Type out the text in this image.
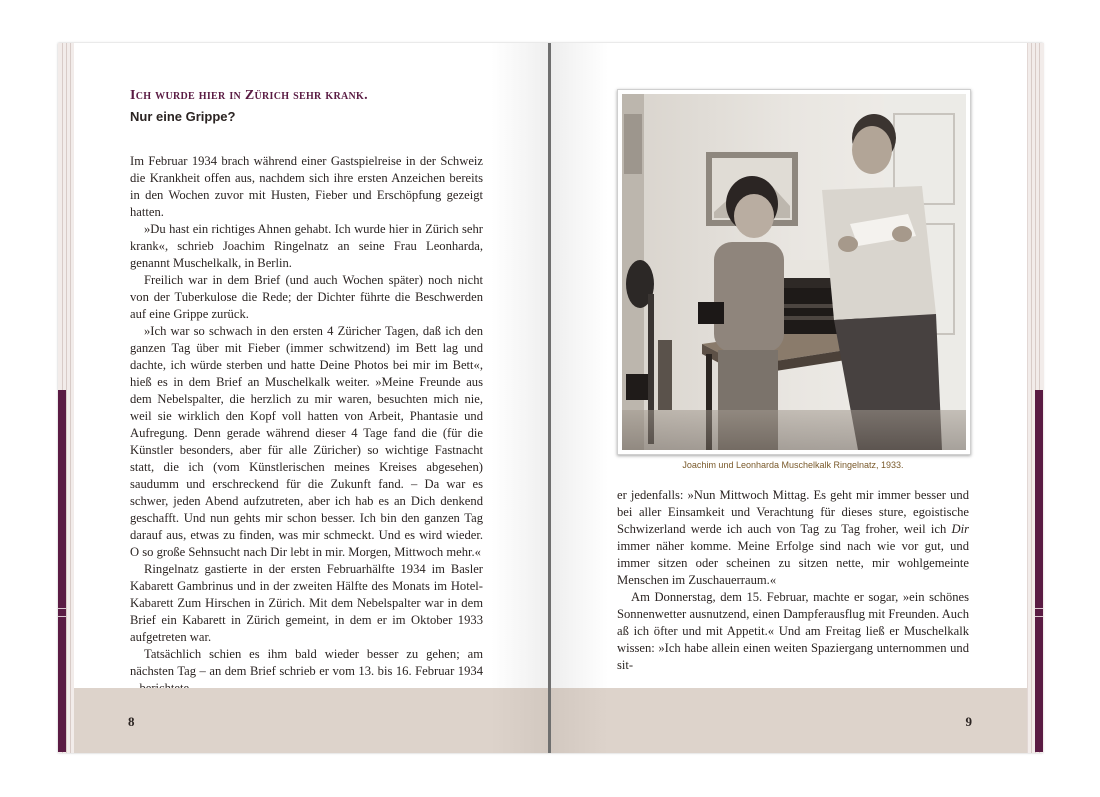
Ich wurde hier in Zürich sehr krank.
Nur eine Grippe?

Im Februar 1934 brach während einer Gastspielreise in der Schweiz die Krankheit offen aus, nachdem sich ihre ersten Anzeichen bereits in den Wochen zuvor mit Husten, Fieber und Erschöpfung gezeigt hatten.

»Du hast ein richtiges Ahnen gehabt. Ich wurde hier in Zürich sehr krank«, schrieb Joachim Ringelnatz an seine Frau Leonharda, genannt Muschelkalk, in Berlin.

Freilich war in dem Brief (und auch Wochen später) noch nicht von der Tuberkulose die Rede; der Dichter führte die Beschwerden auf eine Grippe zurück.

»Ich war so schwach in den ersten 4 Züricher Tagen, daß ich den ganzen Tag über mit Fieber (immer schwitzend) im Bett lag und dachte, ich würde sterben und hatte Deine Photos bei mir im Bett«, hieß es in dem Brief an Muschelkalk weiter. »Meine Freunde aus dem Nebelspalter, die herzlich zu mir waren, besuchten mich nie, weil sie wirklich den Kopf voll hatten von Arbeit, Phantasie und Aufregung. Denn gerade während dieser 4 Tage fand die (für die Künstler besonders, aber für alle Züricher) so wichtige Fastnacht statt, die ich (vom Künstlerischen meines Kreises abgesehen) saudumm und erschreckend für die Zukunft fand. – Da war es schwer, jeden Abend aufzutreten, aber ich hab es an Dich denkend geschafft. Und nun gehts mir schon besser. Ich bin den ganzen Tag darauf aus, etwas zu finden, was mir schmeckt. Und es wird wieder. O so große Sehnsucht nach Dir lebt in mir. Morgen, Mittwoch mehr.«

Ringelnatz gastierte in der ersten Februarhälfte 1934 im Basler Kabarett Gambrinus und in der zweiten Hälfte des Monats im Hotel-Kabarett Zum Hirschen in Zürich. Mit dem Nebelspalter war in dem Brief ein Kabarett in Zürich gemeint, in dem er im Oktober 1933 aufgetreten war.

Tatsächlich schien es ihm bald wieder besser zu gehen; am nächsten Tag – an dem Brief schrieb er vom 13. bis 16. Februar 1934

8
Joachim und Leonharda Muschelkalk Ringelnatz, 1933.

er jedenfalls: »Nun Mittwoch Mittag. Es geht mir immer besser und bei aller Einsamkeit und Verachtung für dieses sture, egoistische Schwizerland werde ich auch von Tag zu Tag froher, weil ich Dir immer näher komme. Meine Erfolge sind nach wie vor gut, und immer sitzen oder scheinen zu sitzen nette, mir wohlgemeinte Menschen im Zuschauerraum.«

Am Donnerstag, dem 15. Februar, machte er sogar, »ein schönes Sonnenwetter ausnutzend, einen Dampferausflug mit Freunden. Auch aß ich öfter und mit Appetit.« Und am Freitag ließ er Muschelkalk wissen: »Ich habe allein einen weiten Spaziergang unternommen und sit-

9
